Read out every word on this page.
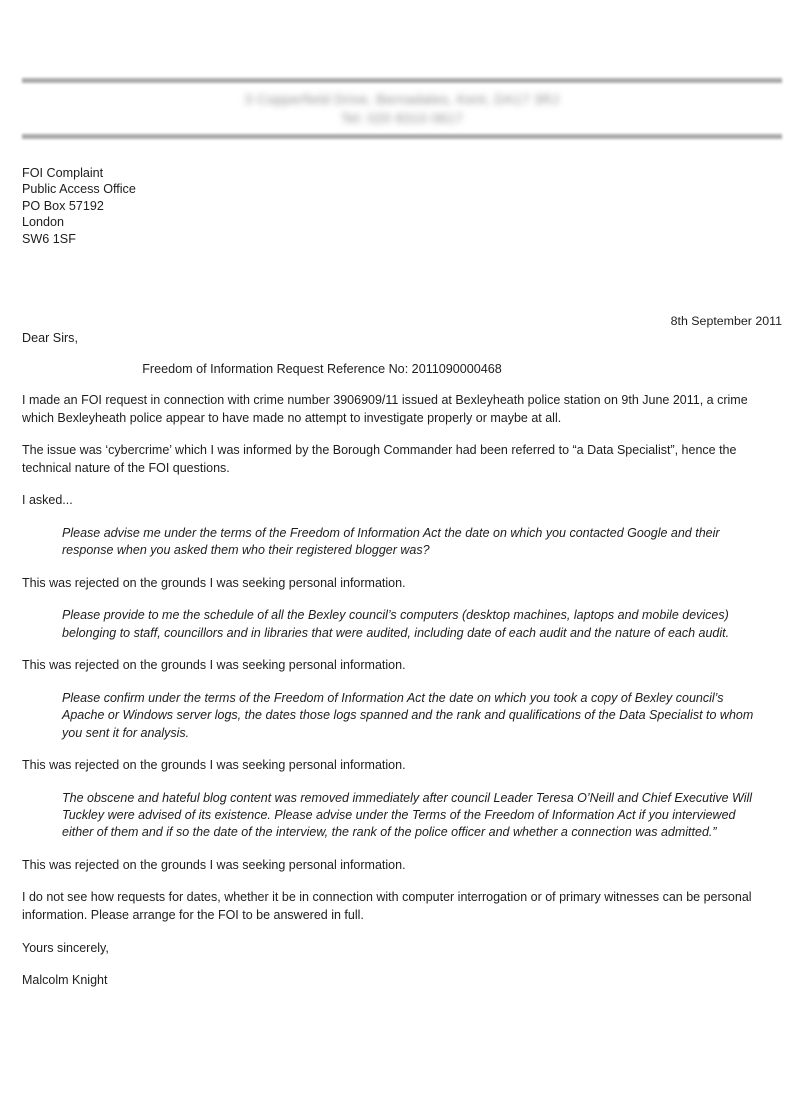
3 Copperfield Drive, Bernadales, Kent, DA17 3RJ
Tel: 020 8310 0617
FOI Complaint
Public Access Office
PO Box 57192
London
SW6 1SF
8th September 2011
Dear Sirs,
Freedom of Information Request Reference No: 2011090000468

I made an FOI request in connection with crime number 3906909/11 issued at Bexleyheath police station on 9th June 2011, a crime which Bexleyheath police appear to have made no attempt to investigate properly or maybe at all.

The issue was ‘cybercrime’ which I was informed by the Borough Commander had been referred to “a Data Specialist”, hence the technical nature of the FOI questions.

I asked...

Please advise me under the terms of the Freedom of Information Act the date on which you contacted Google and their response when you asked them who their registered blogger was?

This was rejected on the grounds I was seeking personal information.

Please provide to me the schedule of all the Bexley council’s computers (desktop machines, laptops and mobile devices) belonging to staff, councillors and in libraries that were audited, including date of each audit and the nature of each audit.

This was rejected on the grounds I was seeking personal information.

Please confirm under the terms of the Freedom of Information Act the date on which you took a copy of Bexley council’s Apache or Windows server logs, the dates those logs spanned and the rank and qualifications of the Data Specialist to whom you sent it for analysis.

This was rejected on the grounds I was seeking personal information.

The obscene and hateful blog content was removed immediately after council Leader Teresa O’Neill and Chief Executive Will Tuckley were advised of its existence. Please advise under the Terms of the Freedom of Information Act if you interviewed either of them and if so the date of the interview, the rank of the police officer and whether a connection was admitted.”

This was rejected on the grounds I was seeking personal information.

I do not see how requests for dates, whether it be in connection with computer interrogation or of primary witnesses can be personal information. Please arrange for the FOI to be answered in full.

Yours sincerely,

Malcolm Knight
